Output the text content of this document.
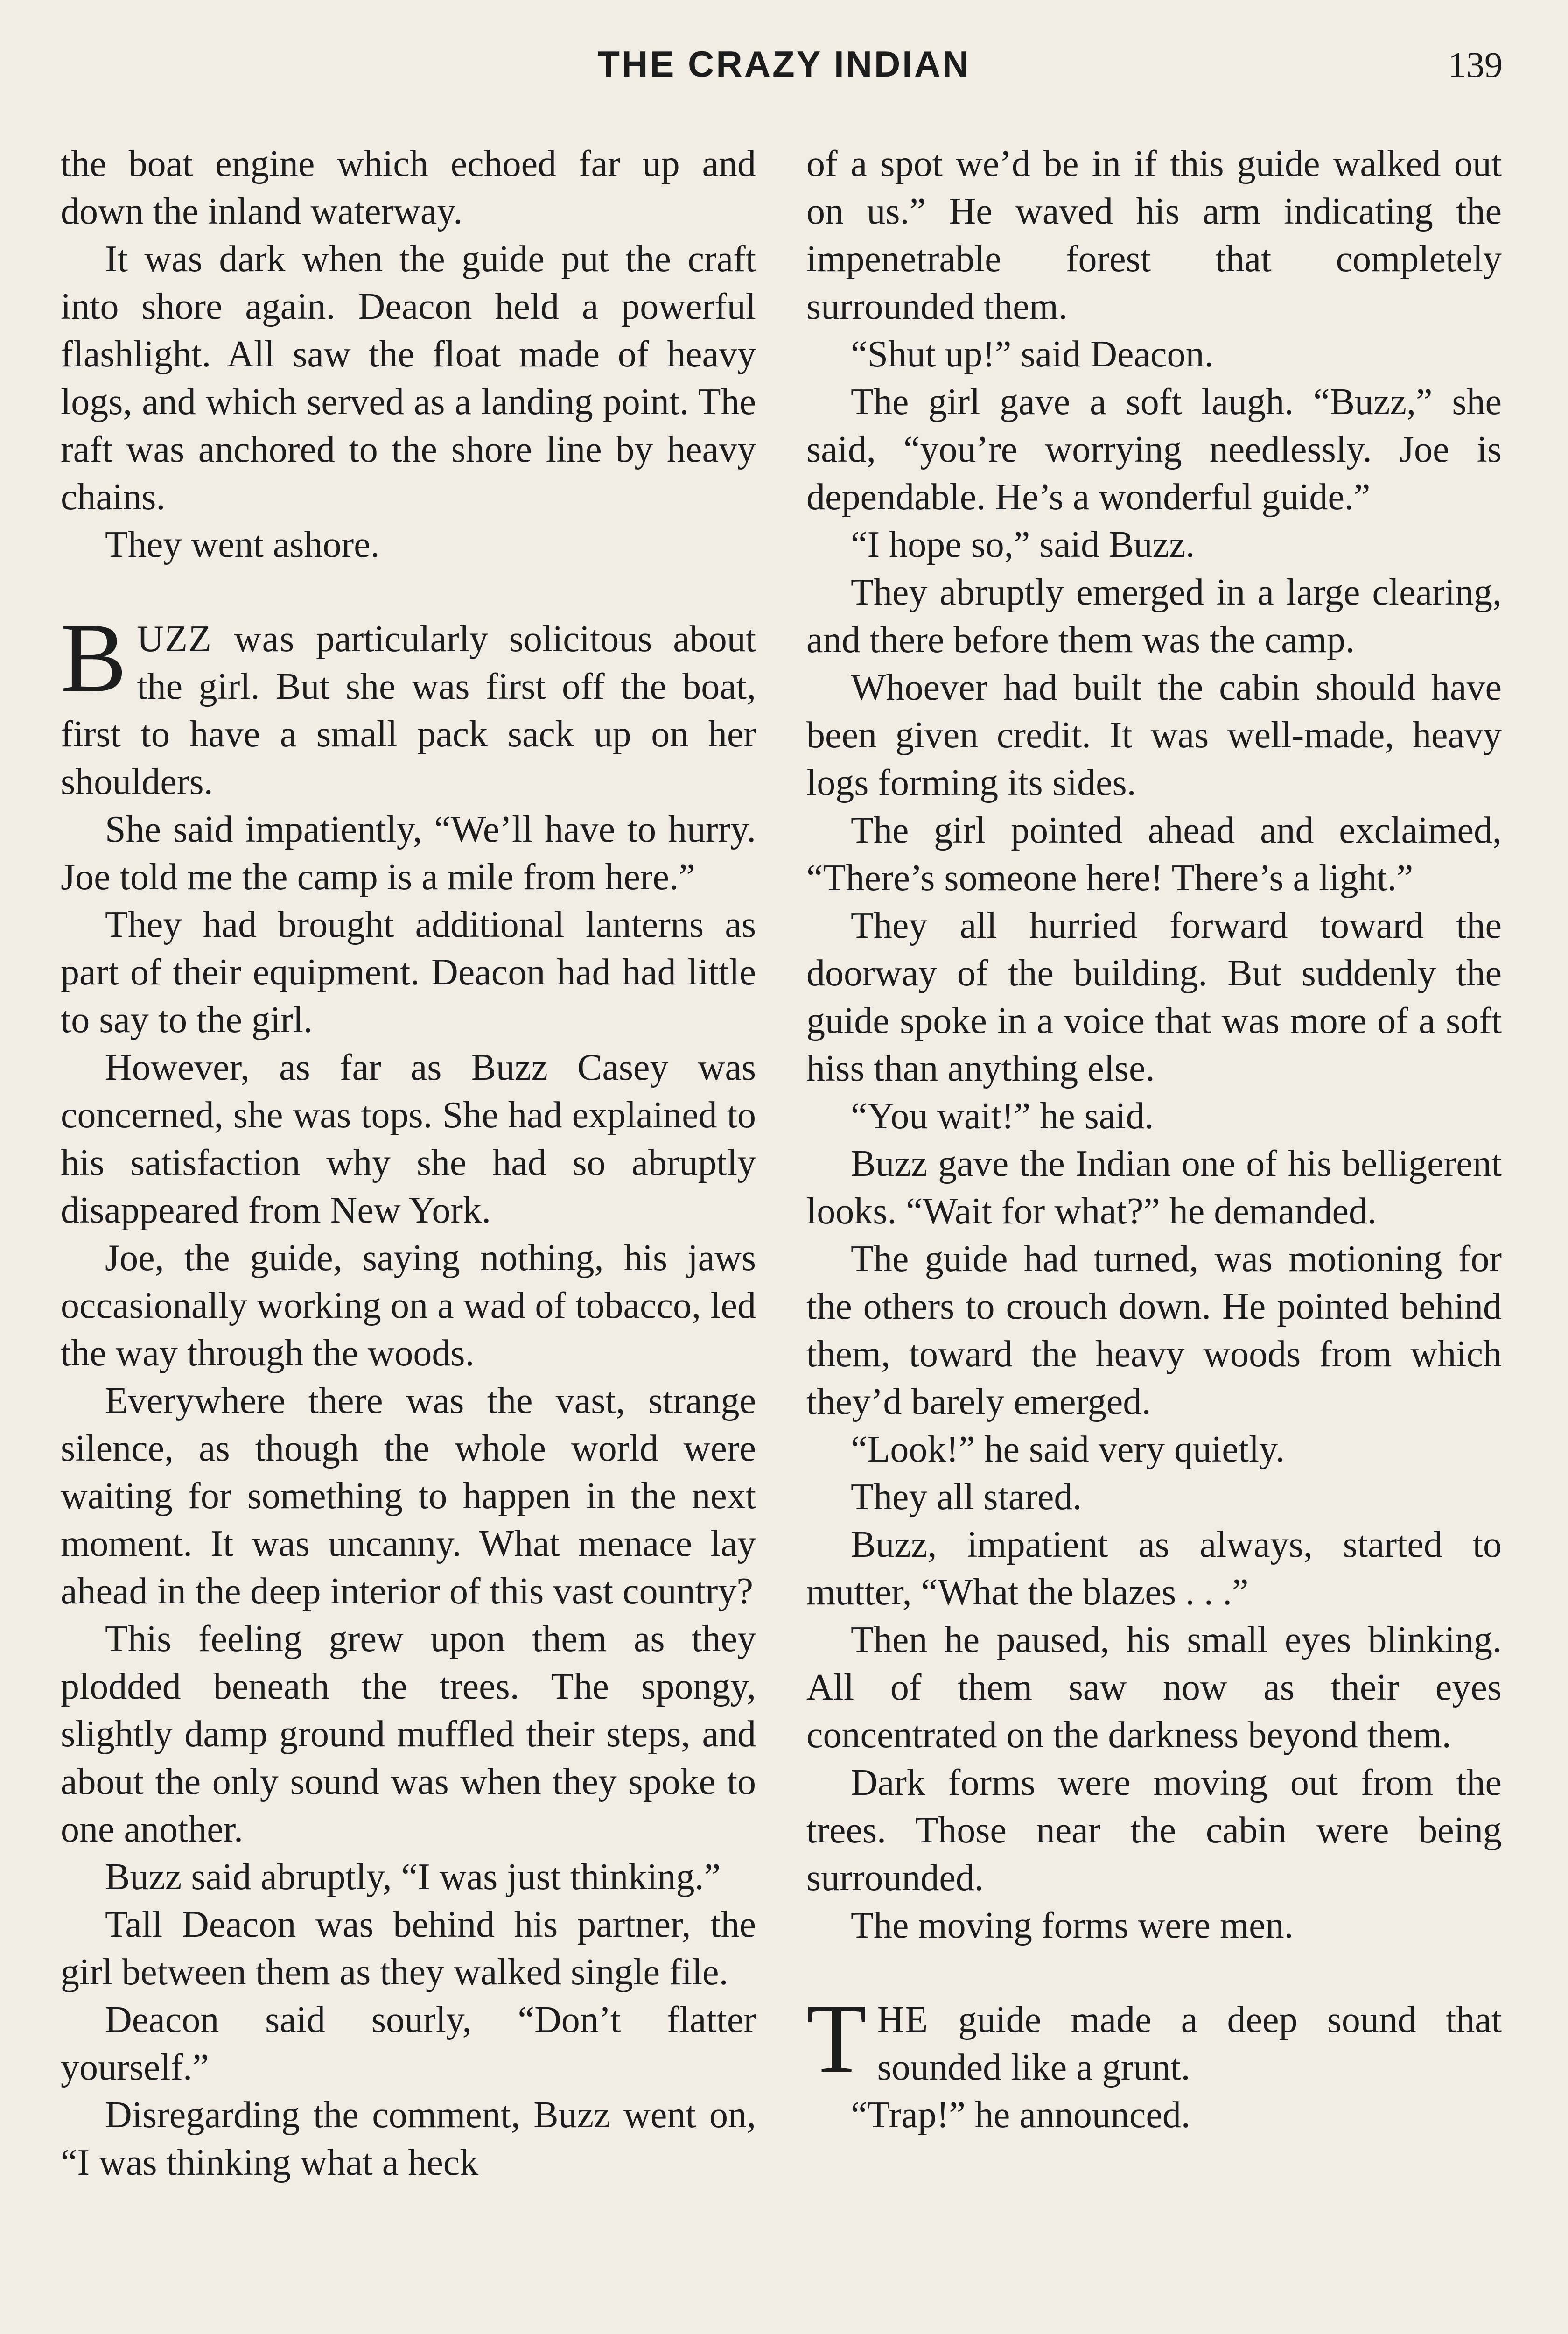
THE CRAZY INDIAN	139

the boat engine which echoed far up and down the inland waterway.

It was dark when the guide put the craft into shore again. Deacon held a powerful flashlight. All saw the float made of heavy logs, and which served as a landing point. The raft was anchored to the shore line by heavy chains.

They went ashore.

BUZZ was particularly solicitous about the girl. But she was first off the boat, first to have a small pack sack up on her shoulders.

She said impatiently, “We’ll have to hurry. Joe told me the camp is a mile from here.”

They had brought additional lanterns as part of their equipment. Deacon had had little to say to the girl.

However, as far as Buzz Casey was concerned, she was tops. She had explained to his satisfaction why she had so abruptly disappeared from New York.

Joe, the guide, saying nothing, his jaws occasionally working on a wad of tobacco, led the way through the woods.

Everywhere there was the vast, strange silence, as though the whole world were waiting for something to happen in the next moment. It was uncanny. What menace lay ahead in the deep interior of this vast country?

This feeling grew upon them as they plodded beneath the trees. The spongy, slightly damp ground muffled their steps, and about the only sound was when they spoke to one another.

Buzz said abruptly, “I was just thinking.”

Tall Deacon was behind his partner, the girl between them as they walked single file.

Deacon said sourly, “Don’t flatter yourself.”

Disregarding the comment, Buzz went on, “I was thinking what a heck

of a spot we’d be in if this guide walked out on us.” He waved his arm indicating the impenetrable forest that completely surrounded them.

“Shut up!” said Deacon.

The girl gave a soft laugh. “Buzz,” she said, “you’re worrying needlessly. Joe is dependable. He’s a wonderful guide.”

“I hope so,” said Buzz.

They abruptly emerged in a large clearing, and there before them was the camp.

Whoever had built the cabin should have been given credit. It was well-made, heavy logs forming its sides.

The girl pointed ahead and exclaimed, “There’s someone here! There’s a light.”

They all hurried forward toward the doorway of the building. But suddenly the guide spoke in a voice that was more of a soft hiss than anything else.

“You wait!” he said.

Buzz gave the Indian one of his belligerent looks. “Wait for what?” he demanded.

The guide had turned, was motioning for the others to crouch down. He pointed behind them, toward the heavy woods from which they’d barely emerged.

“Look!” he said very quietly.

They all stared.

Buzz, impatient as always, started to mutter, “What the blazes . . .”

Then he paused, his small eyes blinking. All of them saw now as their eyes concentrated on the darkness beyond them.

Dark forms were moving out from the trees. Those near the cabin were being surrounded.

The moving forms were men.

THE guide made a deep sound that sounded like a grunt.

“Trap!” he announced.
